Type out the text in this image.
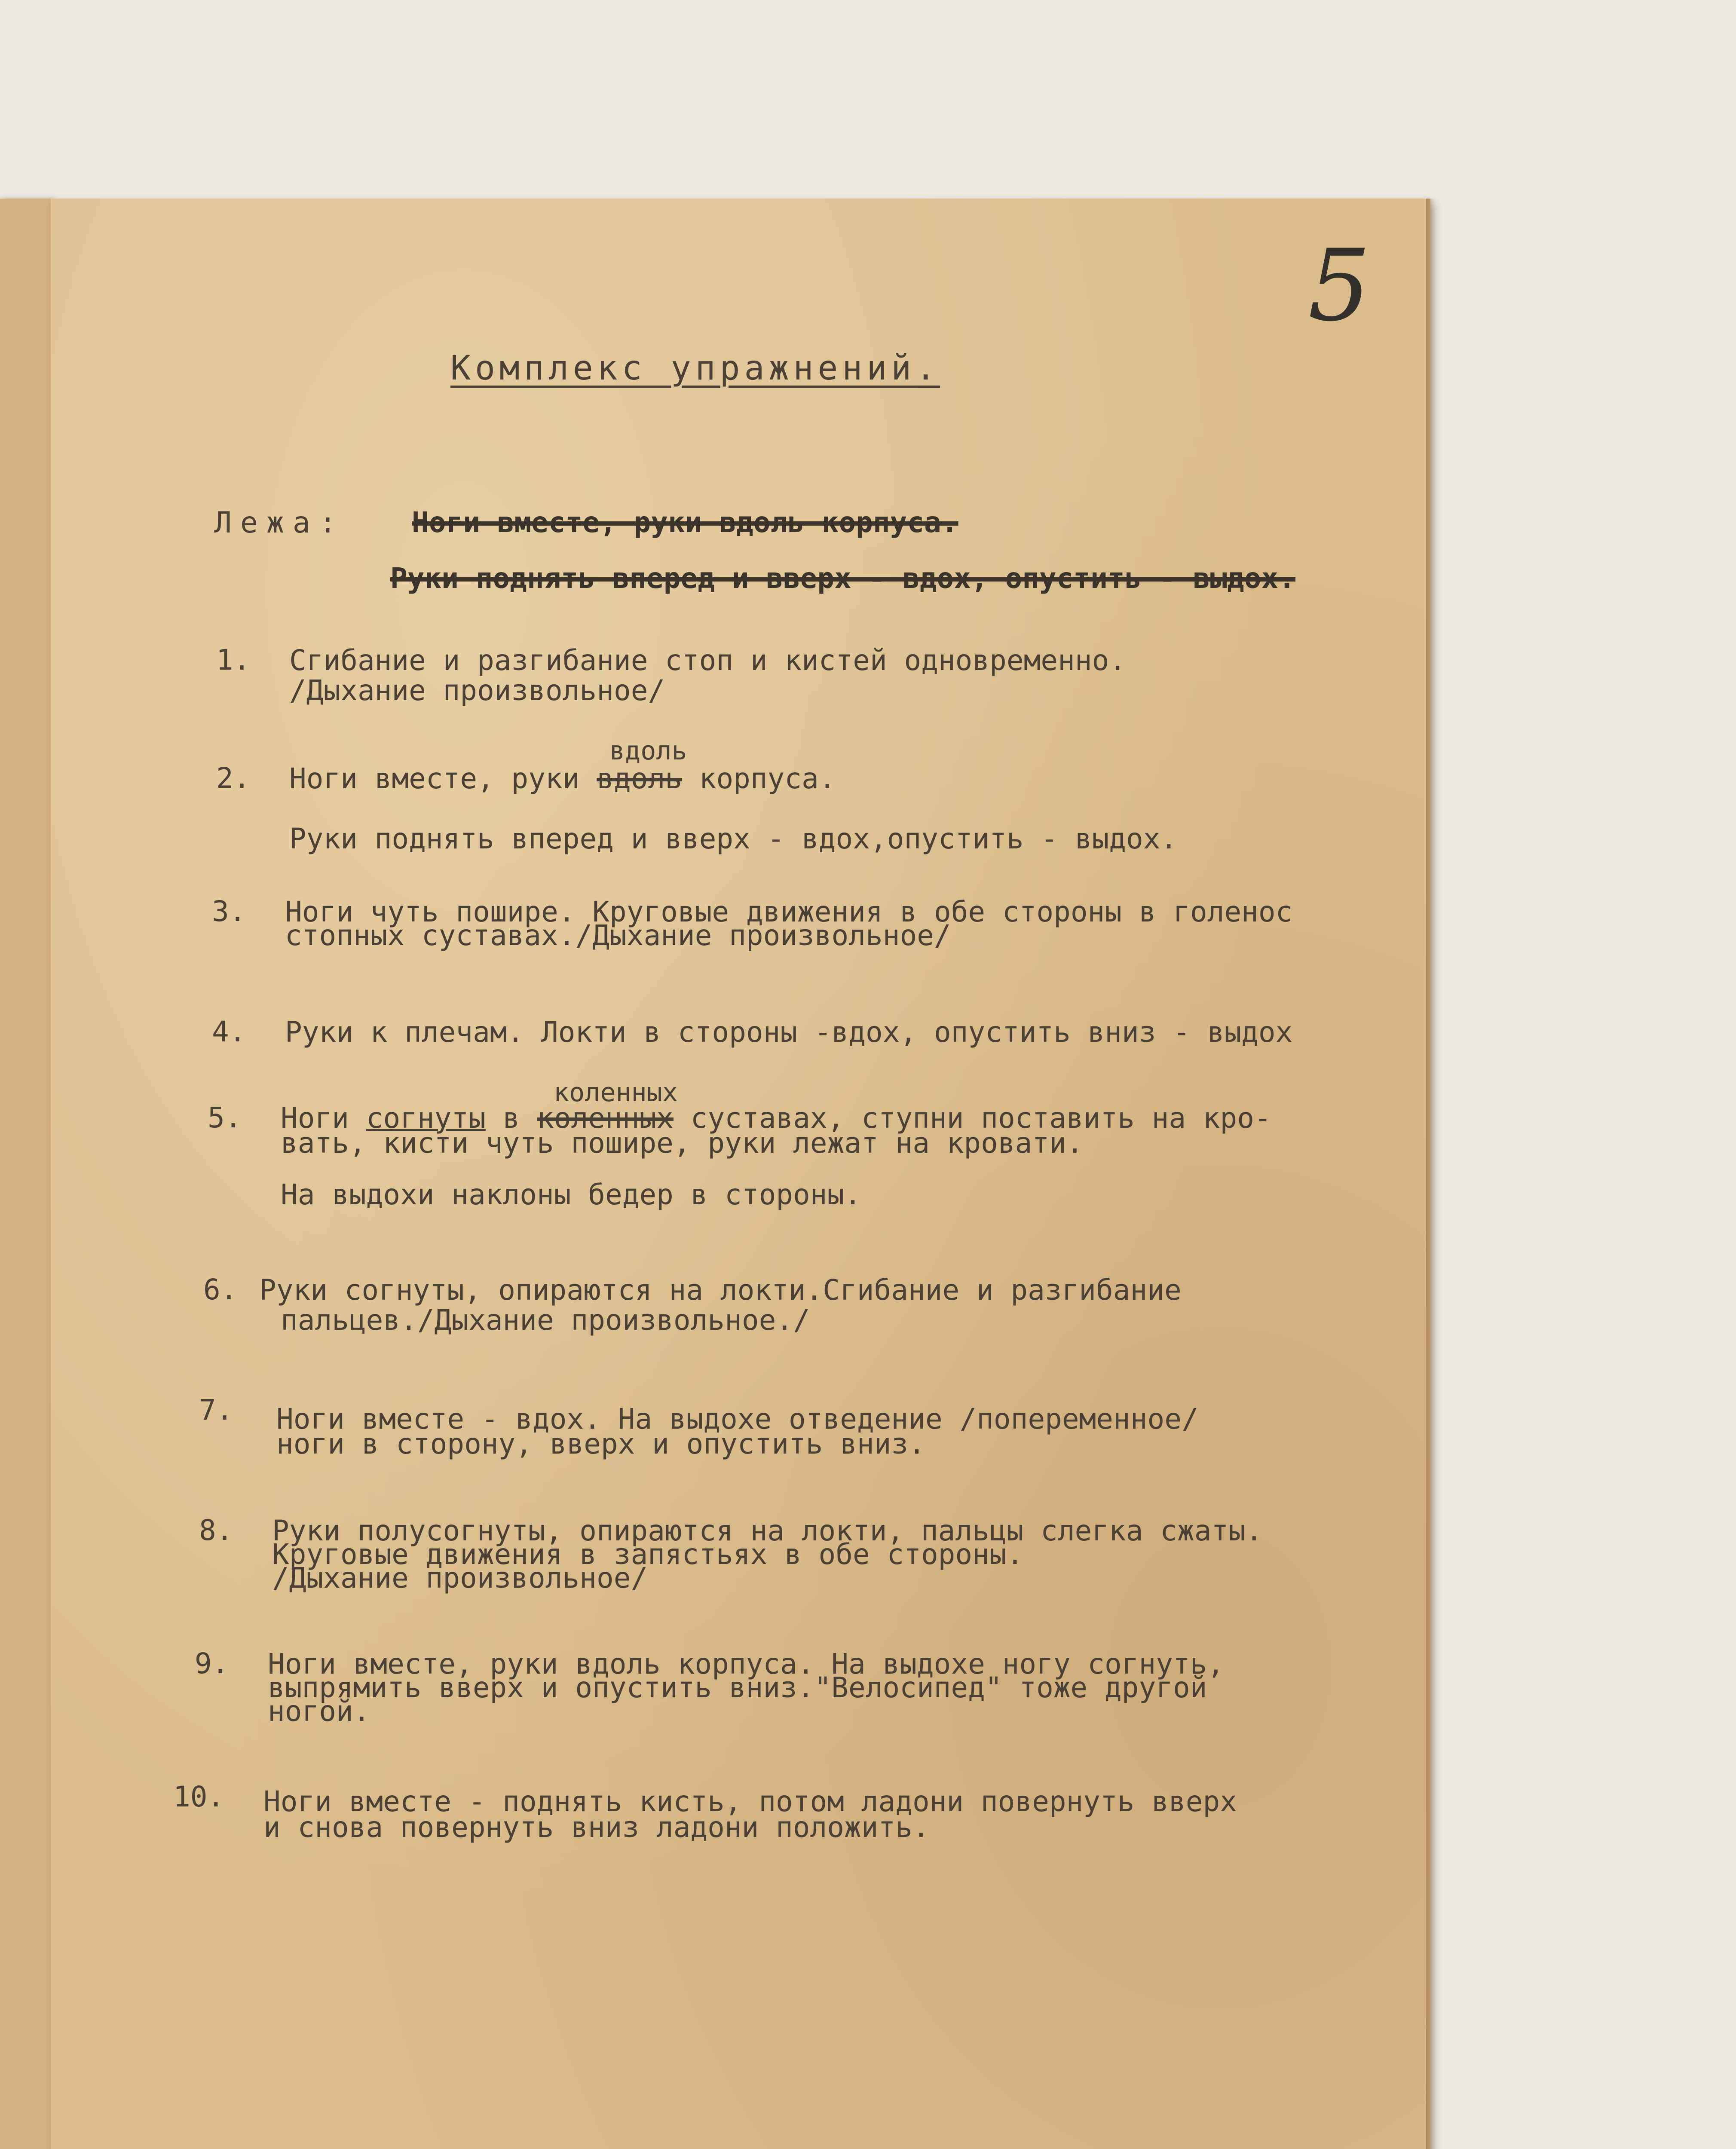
5
Комплекс упражнений.
Лежа: Ноги вместе, руки вдоль корпуса.
Руки поднять вперед и вверх - вдох, опустить - выдох.
1. Сгибание и разгибание стоп и кистей одновременно.
/Дыхание произвольное/
вдоль
2. Ноги вместе, руки вдоль корпуса.
Руки поднять вперед и вверх - вдох,опустить - выдох.
3. Ноги чуть пошире. Круговые движения в обе стороны в голенос
стопных суставах./Дыхание произвольное/
4. Руки к плечам. Локти в стороны -вдох, опустить вниз - выдох
коленных
5. Ноги согнуты в коленных суставах, ступни поставить на кро-
вать, кисти чуть пошире, руки лежат на кровати.
На выдохи наклоны бедер в стороны.
6. Руки согнуты, опираются на локти.Сгибание и разгибание
пальцев./Дыхание произвольное./
7. Ноги вместе - вдох. На выдохе отведение /попеременное/
ноги в сторону, вверх и опустить вниз.
8. Руки полусогнуты, опираются на локти, пальцы слегка сжаты.
Круговые движения в запястьях в обе стороны.
/Дыхание произвольное/
9. Ноги вместе, руки вдоль корпуса. На выдохе ногу согнуть,
выпрямить вверх и опустить вниз."Велосипед" тоже другой
ногой.
10. Ноги вместе - поднять кисть, потом ладони повернуть вверх
и снова повернуть вниз ладони положить.
